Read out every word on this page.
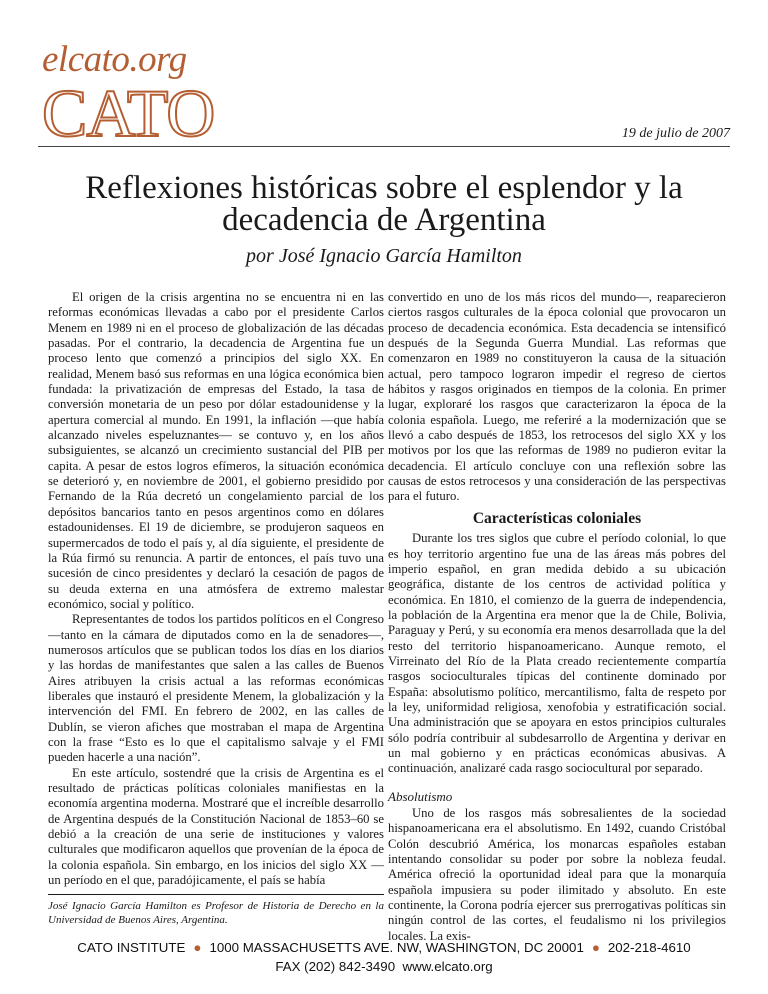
elcato.org
CATO	19 de julio de 2007
Reflexiones históricas sobre el esplendor y la decadencia de Argentina
por José Ignacio García Hamilton

El origen de la crisis argentina no se encuentra ni en las reformas económicas llevadas a cabo por el presidente Carlos Menem en 1989 ni en el proceso de globalización de las décadas pasadas. Por el contrario, la decadencia de Argentina fue un proceso lento que comenzó a principios del siglo XX. En realidad, Menem basó sus reformas en una lógica económica bien fundada: la privatización de empresas del Estado, la tasa de conversión monetaria de un peso por dólar estadounidense y la apertura comercial al mundo. En 1991, la inflación —que había alcanzado niveles espeluznantes— se contuvo y, en los años subsiguientes, se alcanzó un crecimiento sustancial del PIB per capita. A pesar de estos logros efímeros, la situación económica se deterioró y, en noviembre de 2001, el gobierno presidido por Fernando de la Rúa decretó un congelamiento parcial de los depósitos bancarios tanto en pesos argentinos como en dólares estadounidenses. El 19 de diciembre, se produjeron saqueos en supermercados de todo el país y, al día siguiente, el presidente de la Rúa firmó su renuncia. A partir de entonces, el país tuvo una sucesión de cinco presidentes y declaró la cesación de pagos de su deuda externa en una atmósfera de extremo malestar económico, social y político.

Representantes de todos los partidos políticos en el Congreso —tanto en la cámara de diputados como en la de senadores—, numerosos artículos que se publican todos los días en los diarios y las hordas de manifestantes que salen a las calles de Buenos Aires atribuyen la crisis actual a las reformas económicas liberales que instauró el presidente Menem, la globalización y la intervención del FMI. En febrero de 2002, en las calles de Dublín, se vieron afiches que mostraban el mapa de Argentina con la frase “Esto es lo que el capitalismo salvaje y el FMI pueden hacerle a una nación”.

En este artículo, sostendré que la crisis de Argentina es el resultado de prácticas políticas coloniales manifiestas en la economía argentina moderna. Mostraré que el increíble desarrollo de Argentina después de la Constitución Nacional de 1853–60 se debió a la creación de una serie de instituciones y valores culturales que modificaron aquellos que provenían de la época de la colonia española. Sin embargo, en los inicios del siglo XX —un período en el que, paradójicamente, el país se había

José Ignacio García Hamilton es Profesor de Historia de Derecho en la Universidad de Buenos Aires, Argentina.

convertido en uno de los más ricos del mundo—, reaparecieron ciertos rasgos culturales de la época colonial que provocaron un proceso de decadencia económica. Esta decadencia se intensificó después de la Segunda Guerra Mundial. Las reformas que comenzaron en 1989 no constituyeron la causa de la situación actual, pero tampoco lograron impedir el regreso de ciertos hábitos y rasgos originados en tiempos de la colonia. En primer lugar, exploraré los rasgos que caracterizaron la época de la colonia española. Luego, me referiré a la modernización que se llevó a cabo después de 1853, los retrocesos del siglo XX y los motivos por los que las reformas de 1989 no pudieron evitar la decadencia. El artículo concluye con una reflexión sobre las causas de estos retrocesos y una consideración de las perspectivas para el futuro.

Características coloniales

Durante los tres siglos que cubre el período colonial, lo que es hoy territorio argentino fue una de las áreas más pobres del imperio español, en gran medida debido a su ubicación geográfica, distante de los centros de actividad política y económica. En 1810, el comienzo de la guerra de independencia, la población de la Argentina era menor que la de Chile, Bolivia, Paraguay y Perú, y su economía era menos desarrollada que la del resto del territorio hispanoamericano. Aunque remoto, el Virreinato del Río de la Plata creado recientemente compartía rasgos socioculturales típicas del continente dominado por España: absolutismo político, mercantilismo, falta de respeto por la ley, uniformidad religiosa, xenofobia y estratificación social. Una administración que se apoyara en estos principios culturales sólo podría contribuir al subdesarrollo de Argentina y derivar en un mal gobierno y en prácticas económicas abusivas. A continuación, analizaré cada rasgo sociocultural por separado.

Absolutismo

Uno de los rasgos más sobresalientes de la sociedad hispanoamericana era el absolutismo. En 1492, cuando Cristóbal Colón descubrió América, los monarcas españoles estaban intentando consolidar su poder por sobre la nobleza feudal. América ofreció la oportunidad ideal para que la monarquía española impusiera su poder ilimitado y absoluto. En este continente, la Corona podría ejercer sus prerrogativas políticas sin ningún control de las cortes, el feudalismo ni los privilegios locales. La exis-

CATO INSTITUTE ● 1000 MASSACHUSETTS AVE. NW, WASHINGTON, DC 20001 ● 202-218-4610
FAX (202) 842-3490 www.elcato.org
